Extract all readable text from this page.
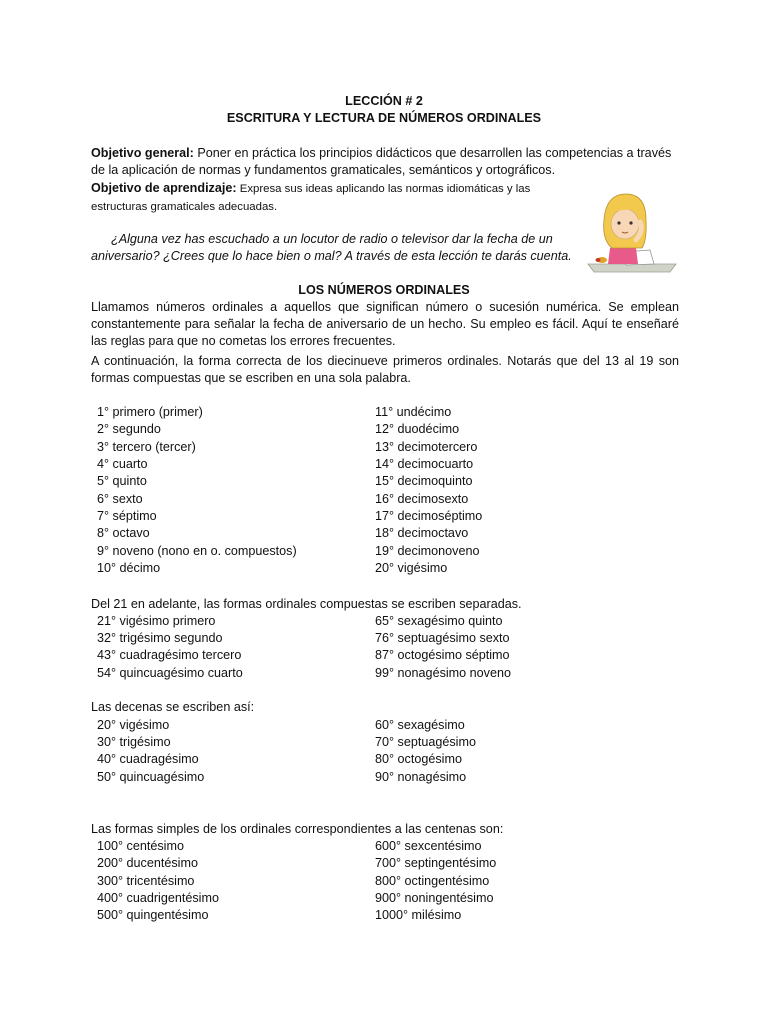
LECCIÓN # 2
ESCRITURA Y LECTURA DE NÚMEROS ORDINALES
Objetivo general: Poner en práctica los principios didácticos que desarrollen las competencias a través de la aplicación de normas y fundamentos gramaticales, semánticos y ortográficos.
Objetivo de aprendizaje: Expresa sus ideas aplicando las normas idiomáticas y las estructuras gramaticales adecuadas.
¿Alguna vez has escuchado a un locutor de radio o televisor dar la fecha de un
aniversario? ¿Crees que lo hace bien o mal? A través de esta lección te darás cuenta.
LOS NÚMEROS ORDINALES
Llamamos números ordinales a aquellos que significan número o sucesión numérica. Se emplean constantemente para señalar la fecha de aniversario de un hecho. Su empleo es fácil. Aquí te enseñaré las reglas para que no cometas los errores frecuentes.
A continuación, la forma correcta de los diecinueve primeros ordinales. Notarás que del 13 al 19 son formas compuestas que se escriben en una sola palabra.
1° primero (primer)
2° segundo
3° tercero (tercer)
4° cuarto
5° quinto
6° sexto
7° séptimo
8° octavo
9° noveno (nono en o. compuestos)
10° décimo
11° undécimo
12° duodécimo
13° decimotercero
14° decimocuarto
15° decimoquinto
16° decimosexto
17° decimoséptimo
18° decimoctavo
19° decimonoveno
20° vigésimo
Del 21 en adelante, las formas ordinales compuestas se escriben separadas.
21° vigésimo primero
32° trigésimo segundo
43° cuadragésimo tercero
54° quincuagésimo cuarto
65° sexagésimo quinto
76° septuagésimo sexto
87° octogésimo séptimo
99° nonagésimo noveno
Las decenas se escriben así:
20° vigésimo
30° trigésimo
40° cuadragésimo
50° quincuagésimo
60° sexagésimo
70° septuagésimo
80° octogésimo
90° nonagésimo
Las formas simples de los ordinales correspondientes a las centenas son:
100° centésimo
200° ducentésimo
300° tricentésimo
400° cuadrigentésimo
500° quingentésimo
600° sexcentésimo
700° septingentésimo
800° octingentésimo
900° noningentésimo
1000° milésimo
